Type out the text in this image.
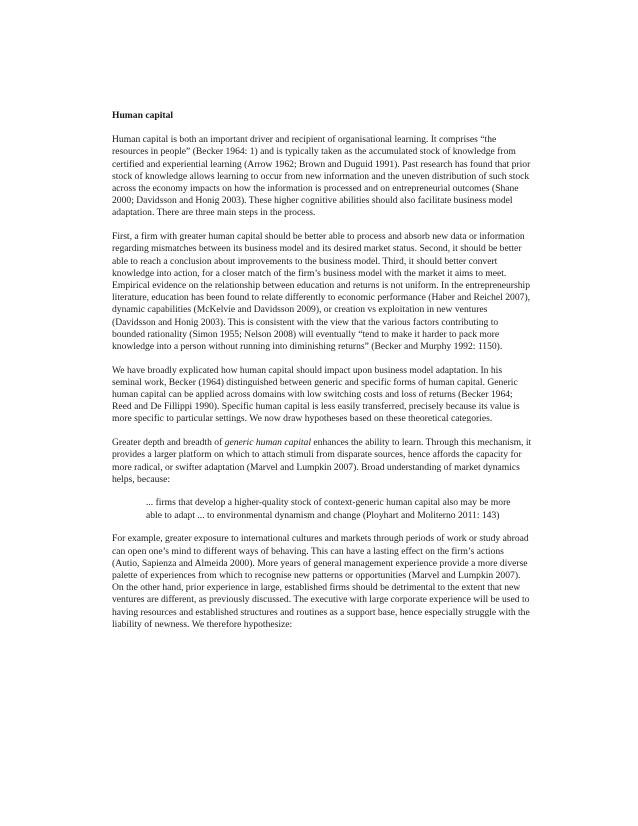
Human capital

Human capital is both an important driver and recipient of organisational learning. It comprises “the resources in people” (Becker 1964: 1) and is typically taken as the accumulated stock of knowledge from certified and experiential learning (Arrow 1962; Brown and Duguid 1991). Past research has found that prior stock of knowledge allows learning to occur from new information and the uneven distribution of such stock across the economy impacts on how the information is processed and on entrepreneurial outcomes (Shane 2000; Davidsson and Honig 2003). These higher cognitive abilities should also facilitate business model adaptation. There are three main steps in the process.

First, a firm with greater human capital should be better able to process and absorb new data or information regarding mismatches between its business model and its desired market status. Second, it should be better able to reach a conclusion about improvements to the business model. Third, it should better convert knowledge into action, for a closer match of the firm’s business model with the market it aims to meet. Empirical evidence on the relationship between education and returns is not uniform. In the entrepreneurship literature, education has been found to relate differently to economic performance (Haber and Reichel 2007), dynamic capabilities (McKelvie and Davidsson 2009), or creation vs exploitation in new ventures (Davidsson and Honig 2003). This is consistent with the view that the various factors contributing to bounded rationality (Simon 1955; Nelson 2008) will eventually “tend to make it harder to pack more knowledge into a person without running into diminishing returns” (Becker and Murphy 1992: 1150).

We have broadly explicated how human capital should impact upon business model adaptation. In his seminal work, Becker (1964) distinguished between generic and specific forms of human capital. Generic human capital can be applied across domains with low switching costs and loss of returns (Becker 1964; Reed and De Fillippi 1990). Specific human capital is less easily transferred, precisely because its value is more specific to particular settings. We now draw hypotheses based on these theoretical categories.

Greater depth and breadth of generic human capital enhances the ability to learn. Through this mechanism, it provides a larger platform on which to attach stimuli from disparate sources, hence affords the capacity for more radical, or swifter adaptation (Marvel and Lumpkin 2007). Broad understanding of market dynamics helps, because:

... firms that develop a higher-quality stock of context-generic human capital also may be more able to adapt ... to environmental dynamism and change (Ployhart and Moliterno 2011: 143)

For example, greater exposure to international cultures and markets through periods of work or study abroad can open one’s mind to different ways of behaving. This can have a lasting effect on the firm’s actions (Autio, Sapienza and Almeida 2000). More years of general management experience provide a more diverse palette of experiences from which to recognise new patterns or opportunities (Marvel and Lumpkin 2007). On the other hand, prior experience in large, established firms should be detrimental to the extent that new ventures are different, as previously discussed. The executive with large corporate experience will be used to having resources and established structures and routines as a support base, hence especially struggle with the liability of newness. We therefore hypothesize:
